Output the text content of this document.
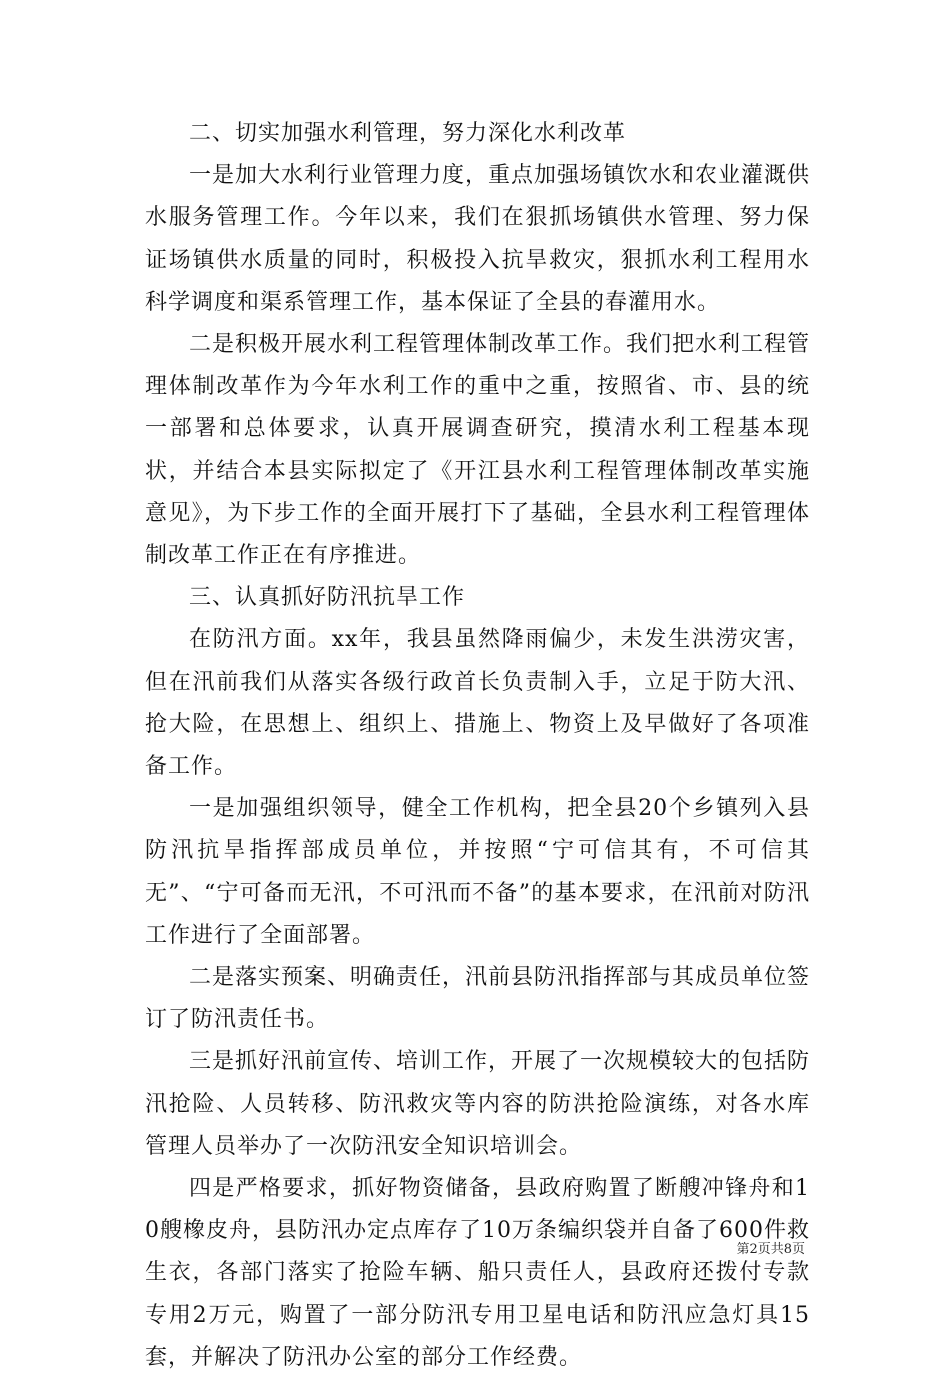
二、切实加强水利管理，努力深化水利改革

一是加大水利行业管理力度，重点加强场镇饮水和农业灌溉供水服务管理工作。今年以来，我们在狠抓场镇供水管理、努力保证场镇供水质量的同时，积极投入抗旱救灾，狠抓水利工程用水科学调度和渠系管理工作，基本保证了全县的春灌用水。

二是积极开展水利工程管理体制改革工作。我们把水利工程管理体制改革作为今年水利工作的重中之重，按照省、市、县的统一部署和总体要求，认真开展调查研究，摸清水利工程基本现状，并结合本县实际拟定了《开江县水利工程管理体制改革实施意见》，为下步工作的全面开展打下了基础，全县水利工程管理体制改革工作正在有序推进。

三、认真抓好防汛抗旱工作

在防汛方面。xx年，我县虽然降雨偏少，未发生洪涝灾害，但在汛前我们从落实各级行政首长负责制入手，立足于防大汛、抢大险，在思想上、组织上、措施上、物资上及早做好了各项准备工作。

一是加强组织领导，健全工作机构，把全县20个乡镇列入县防汛抗旱指挥部成员单位，并按照“宁可信其有，不可信其无”、“宁可备而无汛，不可汛而不备”的基本要求，在汛前对防汛工作进行了全面部署。

二是落实预案、明确责任，汛前县防汛指挥部与其成员单位签订了防汛责任书。

三是抓好汛前宣传、培训工作，开展了一次规模较大的包括防汛抢险、人员转移、防汛救灾等内容的防洪抢险演练，对各水库管理人员举办了一次防汛安全知识培训会。

四是严格要求，抓好物资储备，县政府购置了断艘冲锋舟和10艘橡皮舟，县防汛办定点库存了10万条编织袋并自备了600件救生衣，各部门落实了抢险车辆、船只责任人，县政府还拨付专款专用2万元，购置了一部分防汛专用卫星电话和防汛应急灯具15套，并解决了防汛办公室的部分工作经费。

第2页共8页
